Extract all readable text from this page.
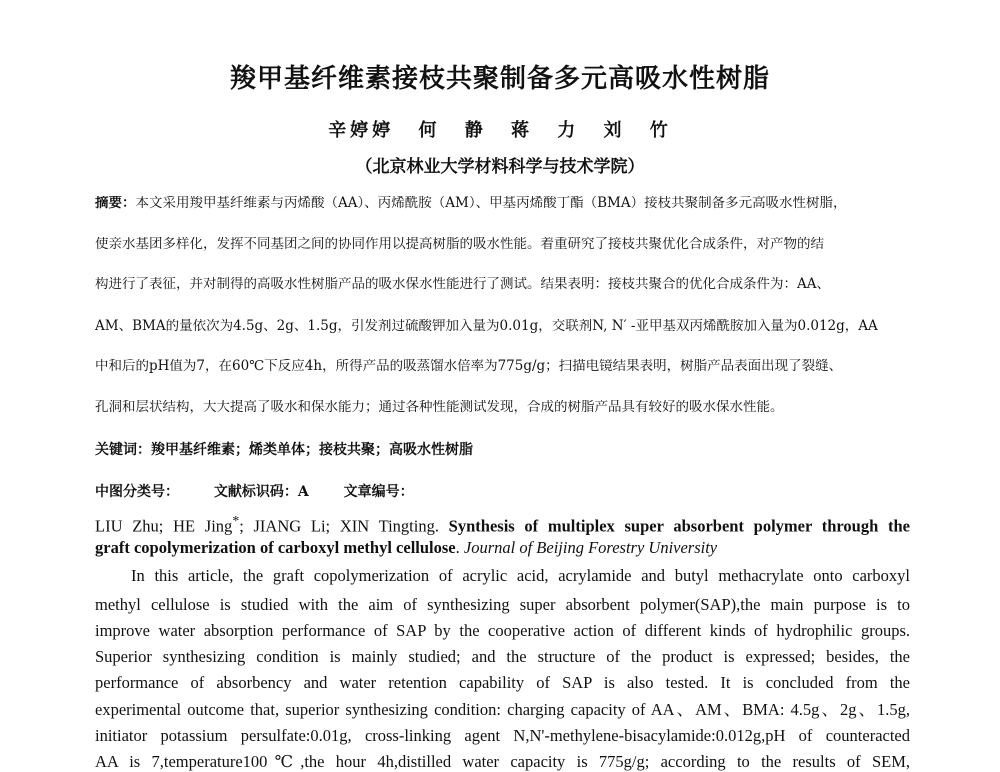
羧甲基纤维素接枝共聚制备多元高吸水性树脂
辛婷婷 何 静 蒋 力 刘 竹
（北京林业大学材料科学与技术学院）
摘要：本文采用羧甲基纤维素与丙烯酸（AA）、丙烯酰胺（AM）、甲基丙烯酸丁酯（BMA）接枝共聚制备多元高吸水性树脂，
使亲水基团多样化，发挥不同基团之间的协同作用以提高树脂的吸水性能。着重研究了接枝共聚优化合成条件，对产物的结
构进行了表征，并对制得的高吸水性树脂产品的吸水保水性能进行了测试。结果表明：接枝共聚合的优化合成条件为：AA、
AM、BMA的量依次为4.5g、2g、1.5g，引发剂过硫酸钾加入量为0.01g，交联剂N, N′ -亚甲基双丙烯酰胺加入量为0.012g，AA
中和后的pH值为7，在60℃下反应4h，所得产品的吸蒸馏水倍率为775g/g；扫描电镜结果表明，树脂产品表面出现了裂缝、
孔洞和层状结构，大大提高了吸水和保水能力；通过各种性能测试发现，合成的树脂产品具有较好的吸水保水性能。
关键词：羧甲基纤维素；烯类单体；接枝共聚；高吸水性树脂
中图分类号： 文献标识码：A 文章编号：
LIU Zhu; HE Jing*; JIANG Li; XIN Tingting. Synthesis of multiplex super absorbent polymer through the
graft copolymerization of carboxyl methyl cellulose. Journal of Beijing Forestry University
In this article, the graft copolymerization of acrylic acid, acrylamide and butyl methacrylate onto carboxyl
methyl cellulose is studied with the aim of synthesizing super absorbent polymer(SAP),the main purpose is to
improve water absorption performance of SAP by the cooperative action of different kinds of hydrophilic groups.
Superior synthesizing condition is mainly studied; and the structure of the product is expressed; besides, the
performance of absorbency and water retention capability of SAP is also tested. It is concluded from the
experimental outcome that, superior synthesizing condition: charging capacity of AA、AM、BMA: 4.5g、2g、1.5g,
initiator potassium persulfate:0.01g, cross-linking agent N,N'-methylene-bisacylamide:0.012g,pH of counteracted
AA is 7,temperature100℃,the hour 4h,distilled water capacity is 775g/g; according to the results of SEM,
